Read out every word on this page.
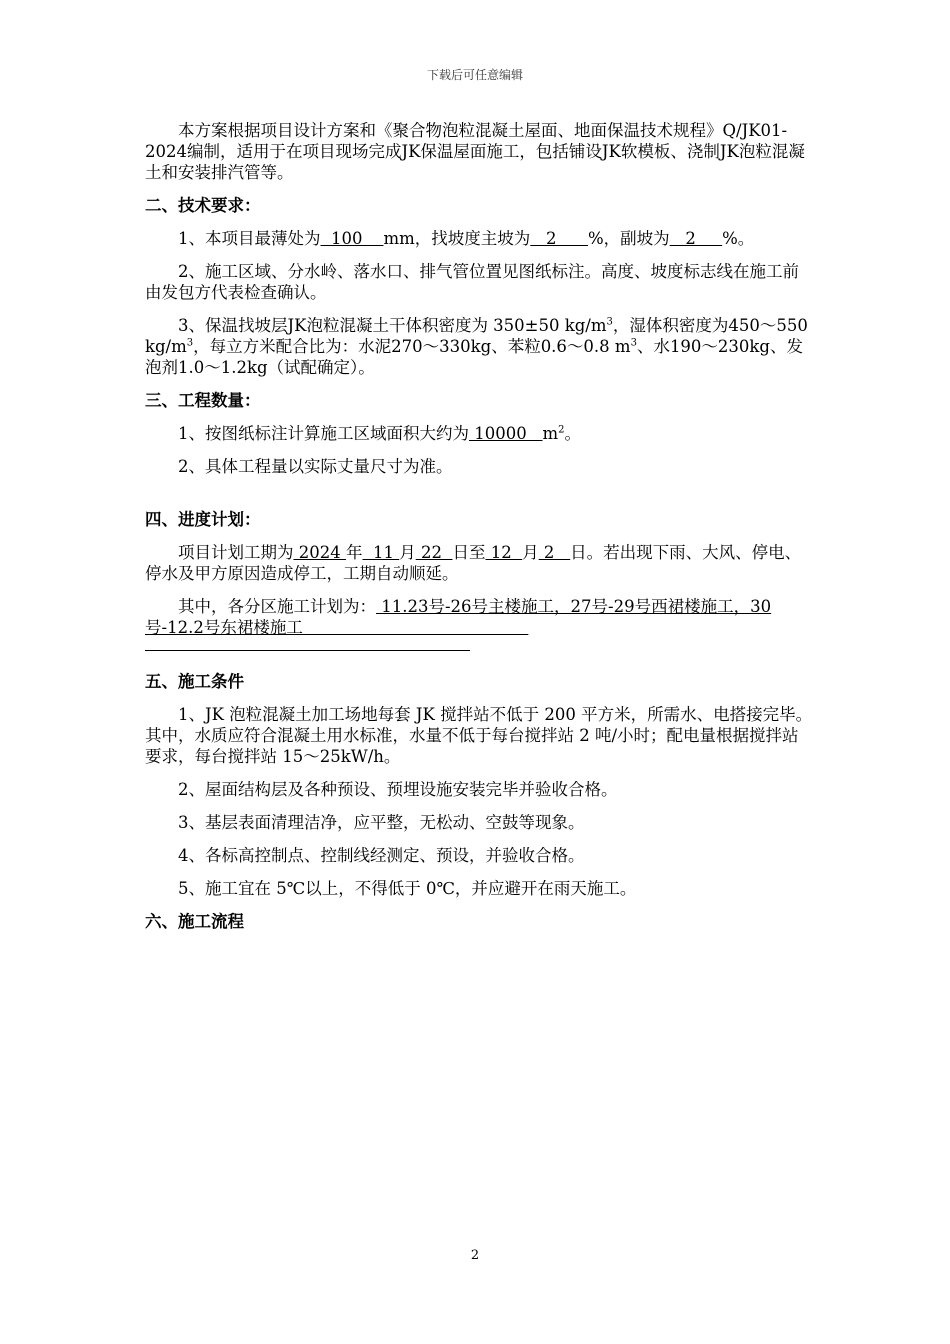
下载后可任意编辑

本方案根据项目设计方案和《聚合物泡粒混凝土屋面、地面保温技术规程》Q/JK01-2024编制，适用于在项目现场完成JK保温屋面施工，包括铺设JK软模板、浇制JK泡粒混凝土和安装排汽管等。

二、技术要求：

1、本项目最薄处为  100    mm，找坡度主坡为   2      %，副坡为   2     %。

2、施工区域、分水岭、落水口、排气管位置见图纸标注。高度、坡度标志线在施工前由发包方代表检查确认。

3、保温找坡层JK泡粒混凝土干体积密度为 350±50 $kg/m^3$，湿体积密度为450～550 $kg/m^3$，每立方米配合比为：水泥270～330kg、苯粒0.6～0.8 $m^3$、水190～230kg、发泡剂1.0～1.2kg（试配确定）。

三、工程数量：

1、按图纸标注计算施工区域面积大约为 10000   $m^2$。

2、具体工程量以实际丈量尺寸为准。

四、进度计划：

项目计划工期为 2024 年  11 月 22  日至 12  月 2   日。若出现下雨、大风、停电、停水及甲方原因造成停工，工期自动顺延。

其中，各分区施工计划为： 11.23号-26号主楼施工，27号-29号西裙楼施工，30号-12.2号东裙楼施工

五、施工条件

1、JK 泡粒混凝土加工场地每套 JK 搅拌站不低于 200 平方米，所需水、电搭接完毕。其中，水质应符合混凝土用水标准，水量不低于每台搅拌站 2 吨/小时；配电量根据搅拌站要求，每台搅拌站 15～25kW/h。

2、屋面结构层及各种预设、预埋设施安装完毕并验收合格。

3、基层表面清理洁净，应平整，无松动、空鼓等现象。

4、各标高控制点、控制线经测定、预设，并验收合格。

5、施工宜在 5℃以上，不得低于 0℃，并应避开在雨天施工。

六、施工流程

2
